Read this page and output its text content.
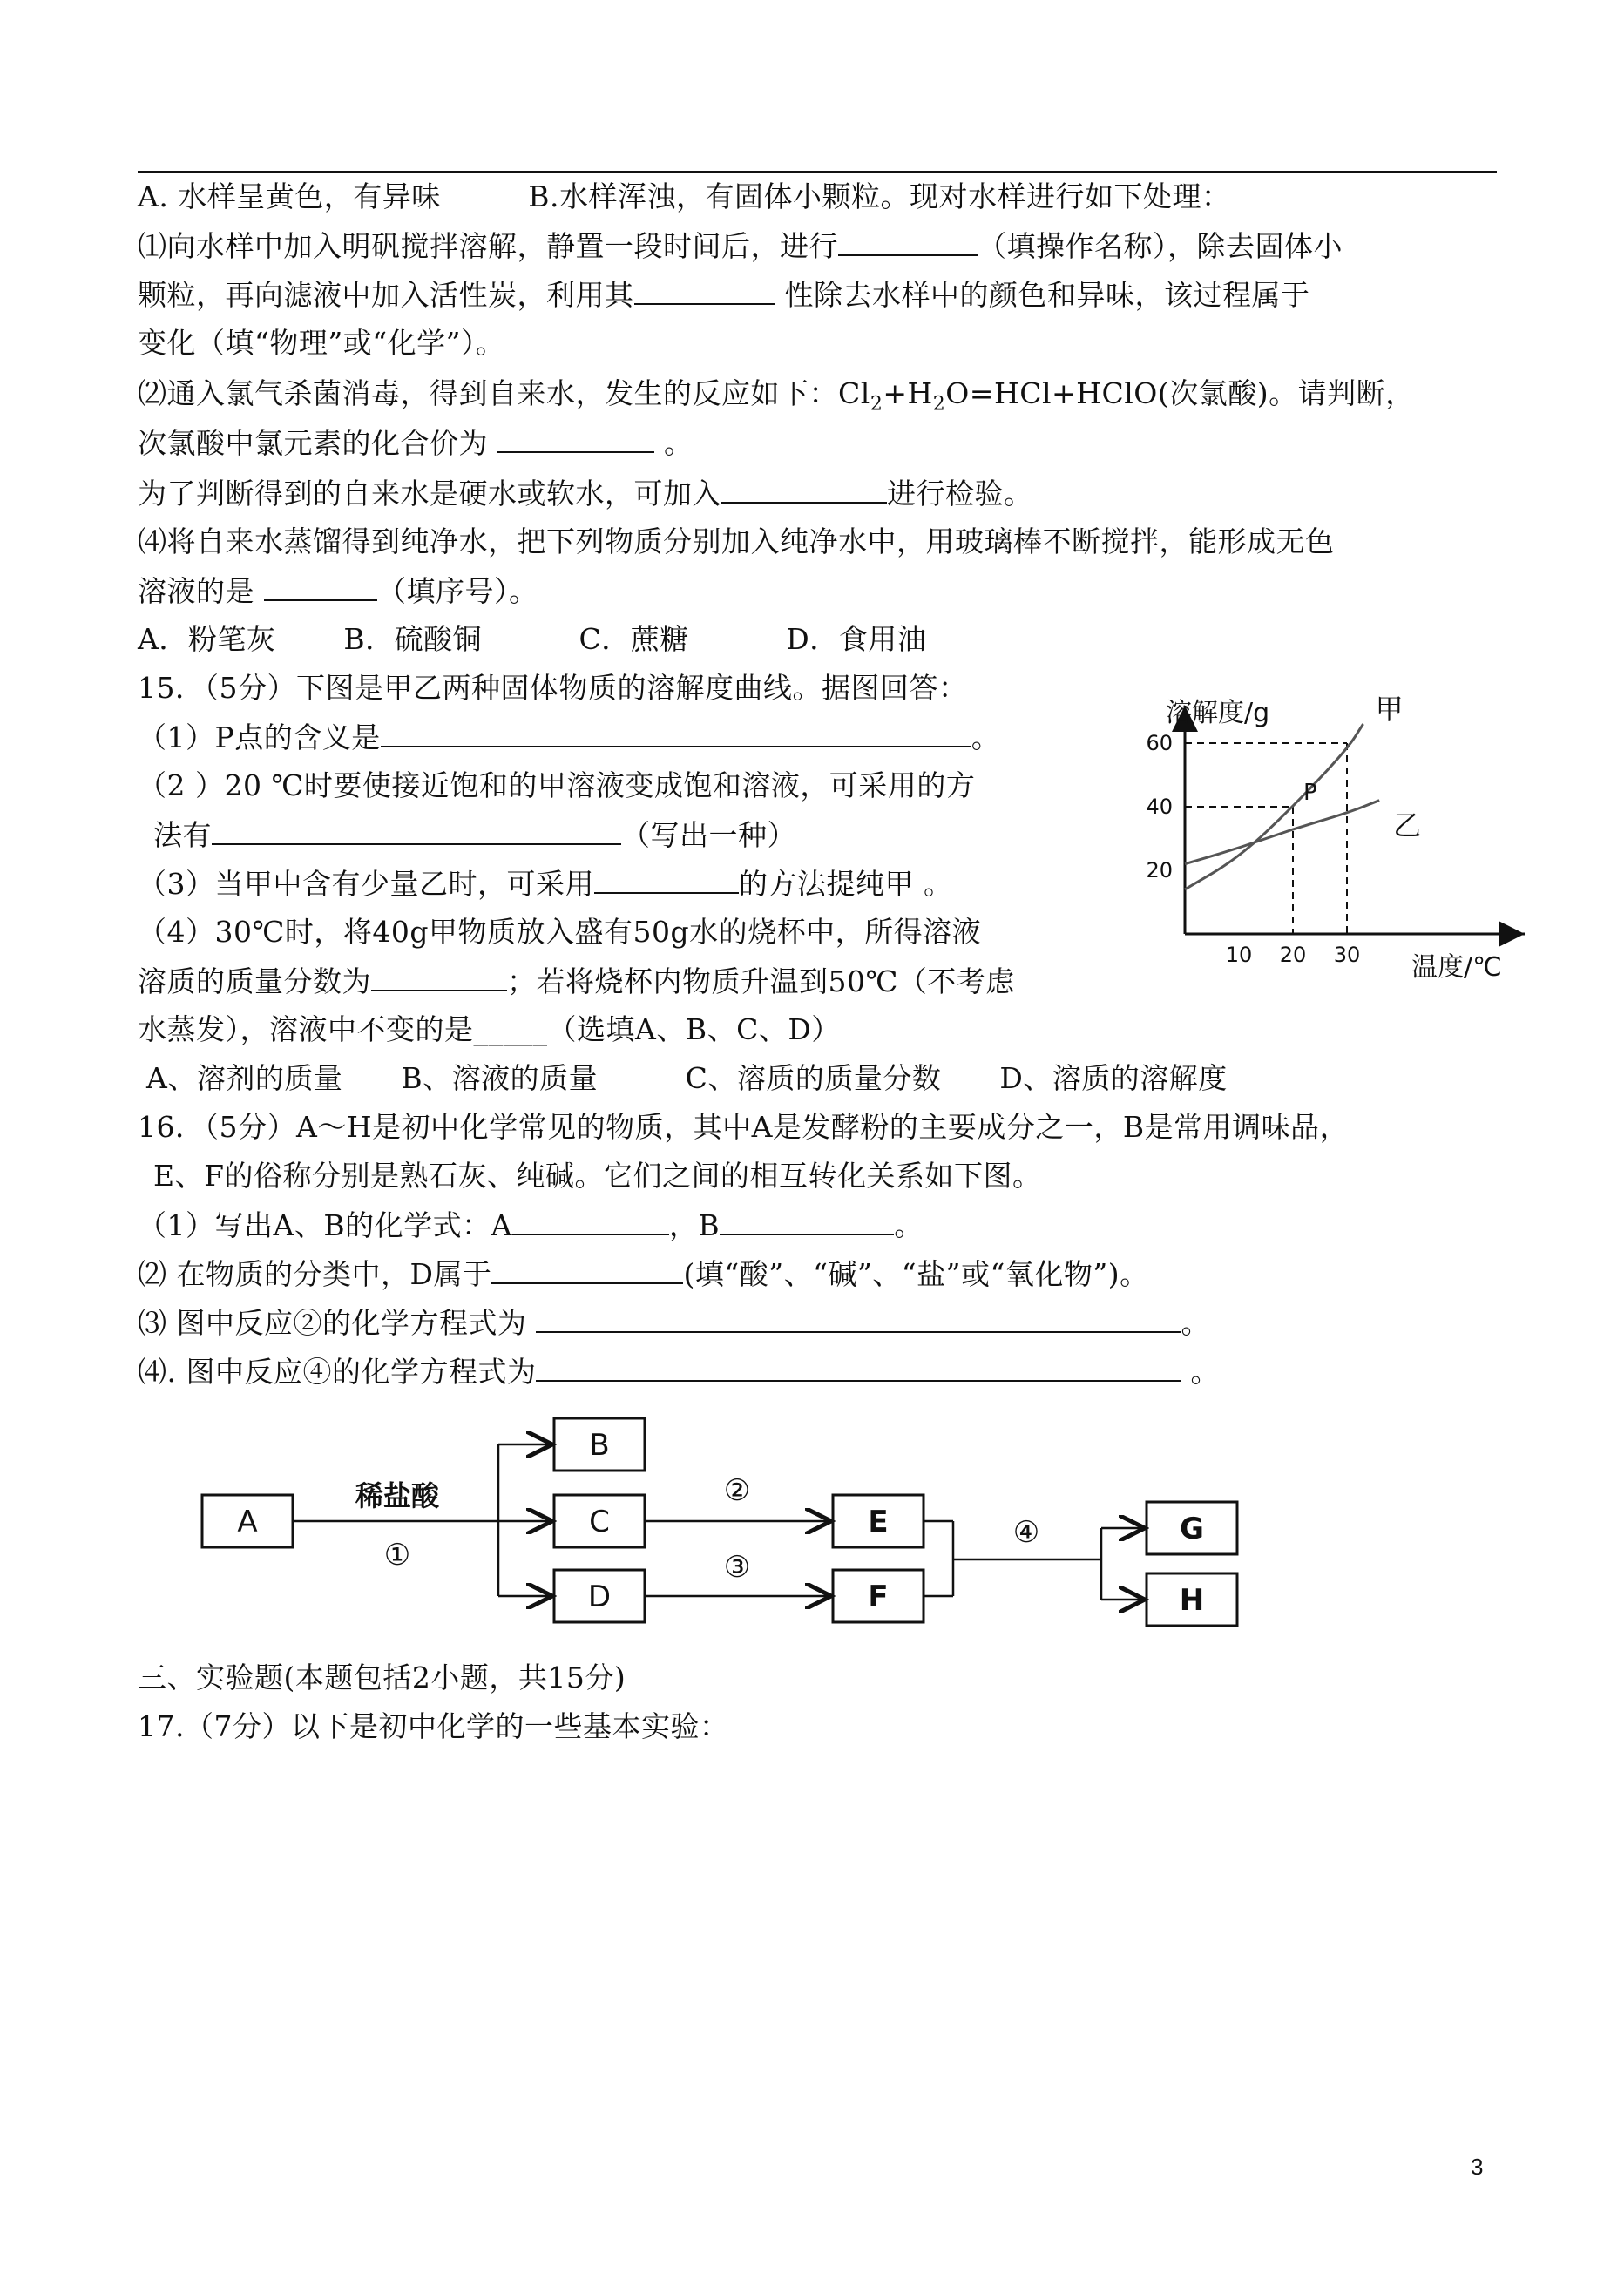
A. 水样呈黄色，有异味　　　B.水样浑浊，有固体小颗粒。现对水样进行如下处理：
⑴向水样中加入明矾搅拌溶解，静置一段时间后，进行	（填操作名称），除去固体小
颗粒，再向滤液中加入活性炭，利用其	性除去水样中的颜色和异味，该过程属于
变化（填“物理”或“化学”）。
⑵通入氯气杀菌消毒，得到自来水，发生的反应如下：$Cl_2+H_2O=HCl+HClO$(次氯酸)。请判断，
次氯酸中氯元素的化合价为	。
为了判断得到的自来水是硬水或软水，可加入	进行检验。
⑷将自来水蒸馏得到纯净水，把下列物质分别加入纯净水中，用玻璃棒不断搅拌，能形成无色
溶液的是	（填序号）。
A．粉笔灰　　 B．硫酸铜　　　 C．蔗糖　　　 D．食用油
15．（5分）下图是甲乙两种固体物质的溶解度曲线。据图回答：
（1）P点的含义是	。
（2 ）20 ℃时要使接近饱和的甲溶液变成饱和溶液，可采用的方
法有	（写出一种）
（3）当甲中含有少量乙时，可采用	的方法提纯甲 。
（4）30℃时，将40g甲物质放入盛有50g水的烧杯中，所得溶液
溶质的质量分数为	；若将烧杯内物质升温到50℃（不考虑
水蒸发），溶液中不变的是_____（选填A、B、C、D）
A、溶剂的质量　　B、溶液的质量　　　C、溶质的质量分数　　D、溶质的溶解度
10 20 30
20
40
60
甲
乙
P
溶解度/g
温度/℃
16．（5分）A～H是初中化学常见的物质，其中A是发酵粉的主要成分之一，B是常用调味品，
E、F的俗称分别是熟石灰、纯碱。它们之间的相互转化关系如下图。
（1）写出A、B的化学式：A	，B	。
⑵ 在物质的分类中，D属于	(填“酸”、“碱”、“盐”或“氧化物”)。
⑶ 图中反应②的化学方程式为	。
⑷. 图中反应④的化学方程式为	。
A
B
C
D
E
F
G
H
稀盐酸
①
②
③
④
三、实验题(本题包括2小题，共15分)
17.（7分）以下是初中化学的一些基本实验：
3
